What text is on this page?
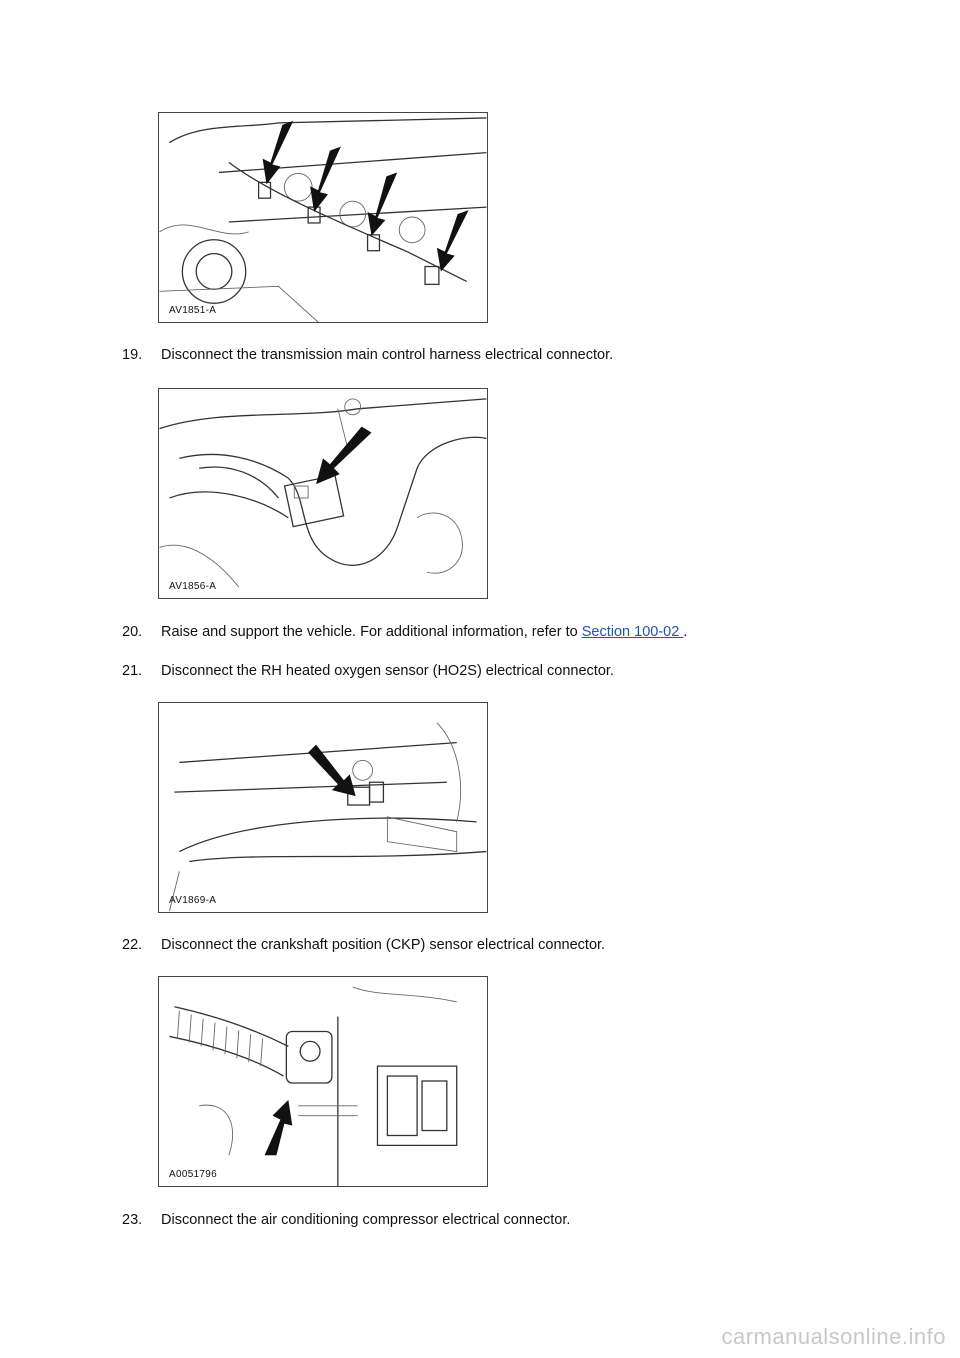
AV1851-A
19. Disconnect the transmission main control harness electrical connector.
AV1856-A
20. Raise and support the vehicle. For additional information, refer to Section 100-02 .
21. Disconnect the RH heated oxygen sensor (HO2S) electrical connector.
AV1869-A
22. Disconnect the crankshaft position (CKP) sensor electrical connector.
A0051796
23. Disconnect the air conditioning compressor electrical connector.
carmanualsonline.info
